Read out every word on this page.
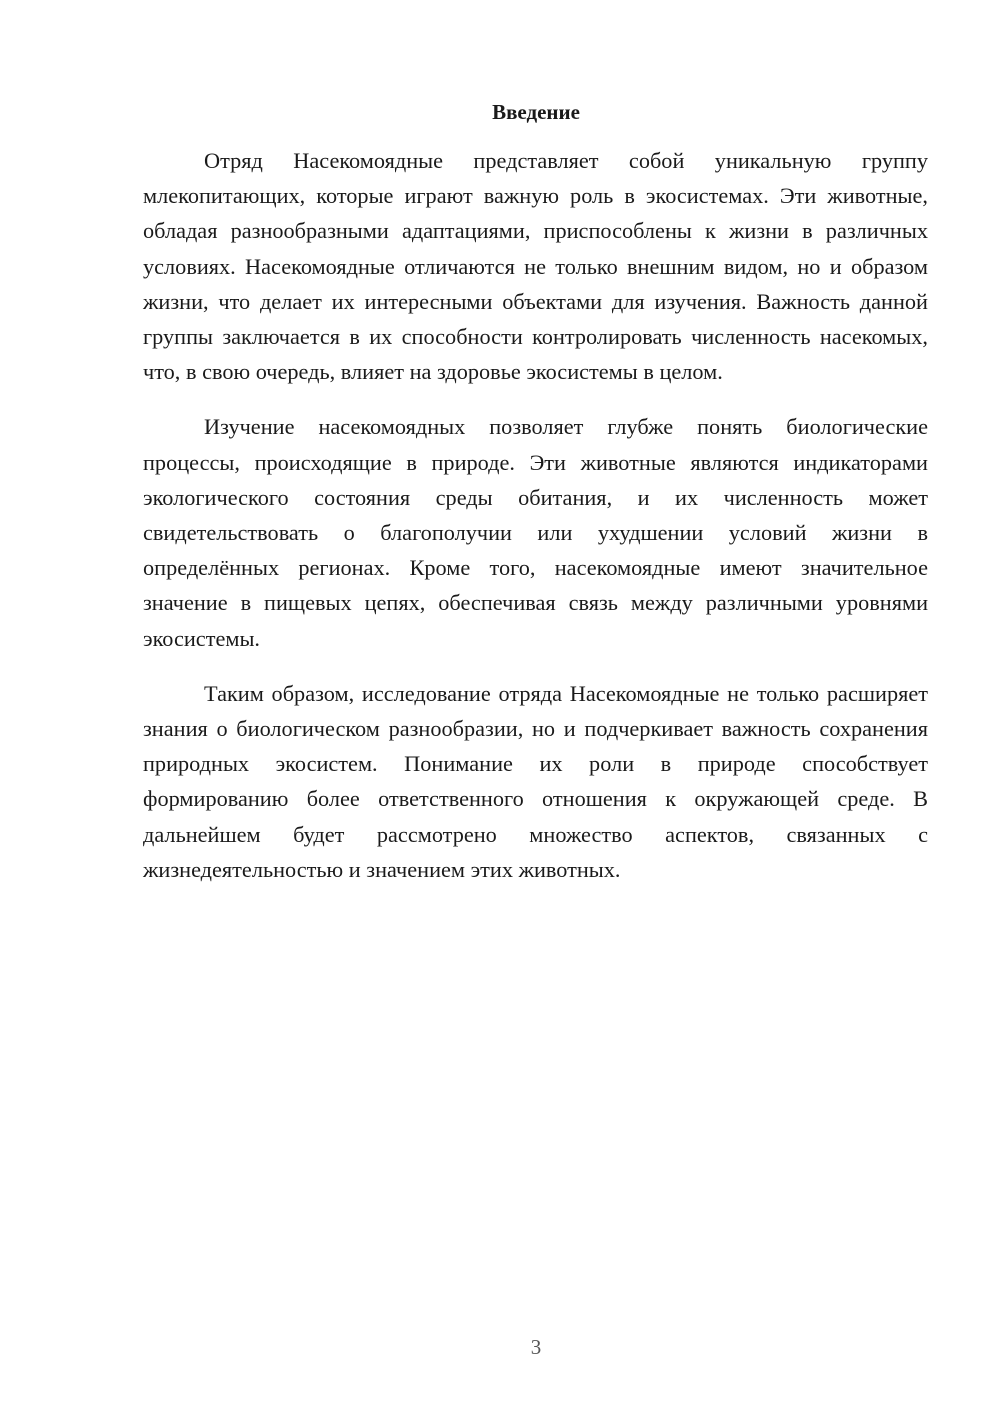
Введение

Отряд Насекомоядные представляет собой уникальную группу млекопитающих, которые играют важную роль в экосистемах. Эти животные, обладая разнообразными адаптациями, приспособлены к жизни в различных условиях. Насекомоядные отличаются не только внешним видом, но и образом жизни, что делает их интересными объектами для изучения. Важность данной группы заключается в их способности контролировать численность насекомых, что, в свою очередь, влияет на здоровье экосистемы в целом.

Изучение насекомоядных позволяет глубже понять биологические процессы, происходящие в природе. Эти животные являются индикаторами экологического состояния среды обитания, и их численность может свидетельствовать о благополучии или ухудшении условий жизни в определённых регионах. Кроме того, насекомоядные имеют значительное значение в пищевых цепях, обеспечивая связь между различными уровнями экосистемы.

Таким образом, исследование отряда Насекомоядные не только расширяет знания о биологическом разнообразии, но и подчеркивает важность сохранения природных экосистем. Понимание их роли в природе способствует формированию более ответственного отношения к окружающей среде. В дальнейшем будет рассмотрено множество аспектов, связанных с жизнедеятельностью и значением этих животных.

3
